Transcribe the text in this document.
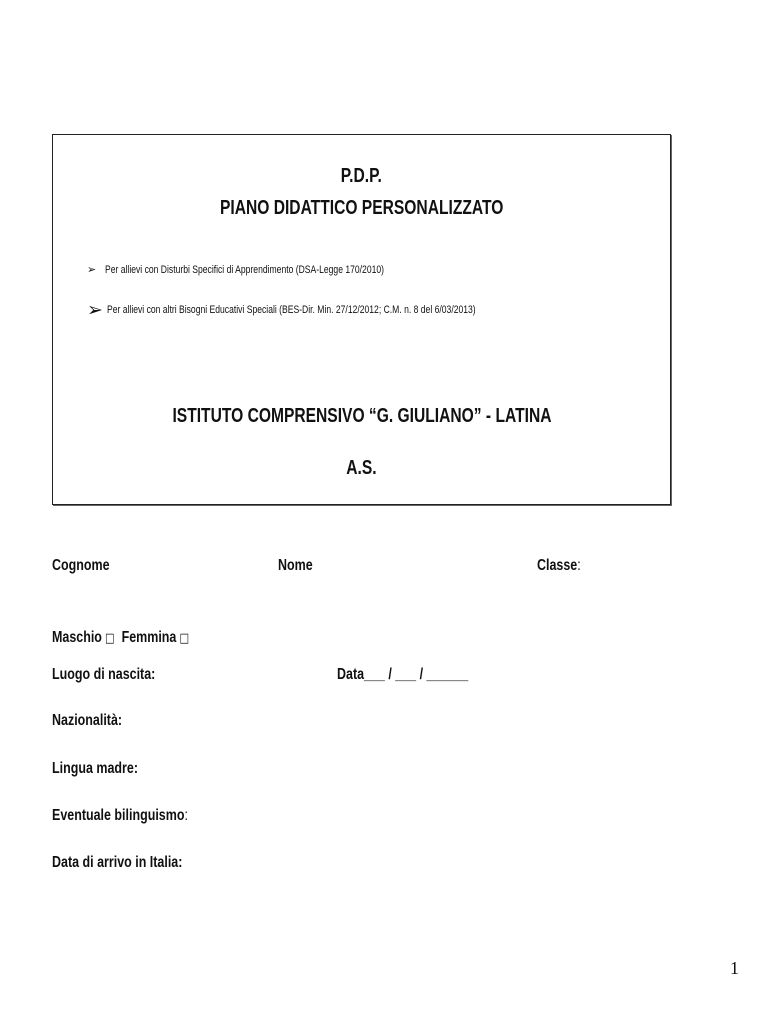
P.D.P.
PIANO DIDATTICO PERSONALIZZATO
➢ Per allievi con Disturbi Specifici di Apprendimento (DSA-Legge 170/2010)
➢ Per allievi con altri Bisogni Educativi Speciali (BES-Dir. Min. 27/12/2012; C.M. n. 8 del 6/03/2013)
ISTITUTO COMPRENSIVO “G. GIULIANO” - LATINA
A.S.
Cognome	Nome	Classe:
Maschio □ Femmina □
Luogo di nascita:	Data___ / ___ / ______
Nazionalità:
Lingua madre:
Eventuale bilinguismo:
Data di arrivo in Italia:
1
